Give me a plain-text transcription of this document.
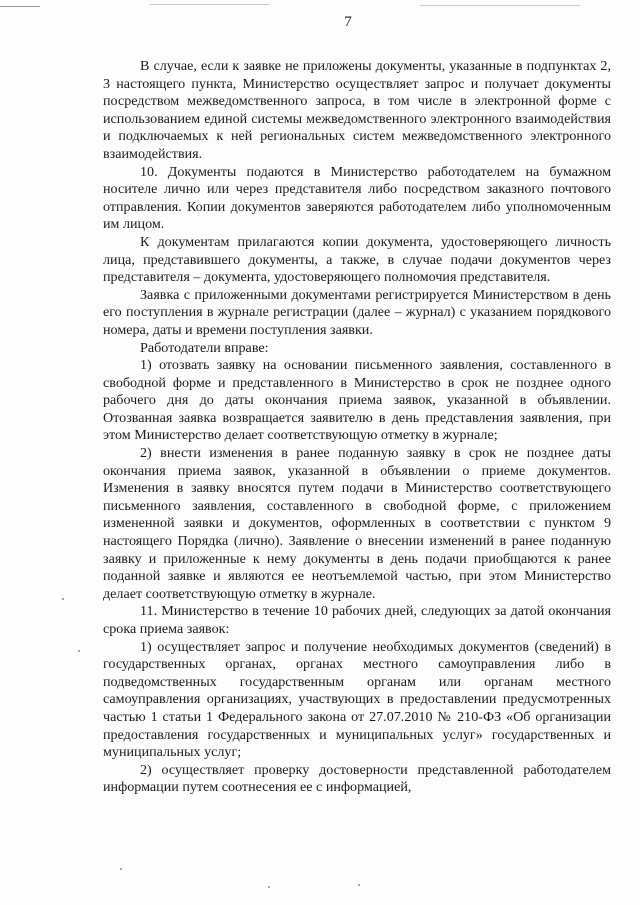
7

В случае, если к заявке не приложены документы, указанные в подпунктах 2, 3 настоящего пункта, Министерство осуществляет запрос и получает документы посредством межведомственного запроса, в том числе в электронной форме с использованием единой системы межведомственного электронного взаимодействия и подключаемых к ней региональных систем межведомственного электронного взаимодействия.

10. Документы подаются в Министерство работодателем на бумажном носителе лично или через представителя либо посредством заказного почтового отправления. Копии документов заверяются работодателем либо уполномоченным им лицом.

К документам прилагаются копии документа, удостоверяющего личность лица, представившего документы, а также, в случае подачи документов через представителя – документа, удостоверяющего полномочия представителя.

Заявка с приложенными документами регистрируется Министерством в день его поступления в журнале регистрации (далее – журнал) с указанием порядкового номера, даты и времени поступления заявки.

Работодатели вправе:

1) отозвать заявку на основании письменного заявления, составленного в свободной форме и представленного в Министерство в срок не позднее одного рабочего дня до даты окончания приема заявок, указанной в объявлении. Отозванная заявка возвращается заявителю в день представления заявления, при этом Министерство делает соответствующую отметку в журнале;

2) внести изменения в ранее поданную заявку в срок не позднее даты окончания приема заявок, указанной в объявлении о приеме документов. Изменения в заявку вносятся путем подачи в Министерство соответствующего письменного заявления, составленного в свободной форме, с приложением измененной заявки и документов, оформленных в соответствии с пунктом 9 настоящего Порядка (лично). Заявление о внесении изменений в ранее поданную заявку и приложенные к нему документы в день подачи приобщаются к ранее поданной заявке и являются ее неотъемлемой частью, при этом Министерство делает соответствующую отметку в журнале.

11. Министерство в течение 10 рабочих дней, следующих за датой окончания срока приема заявок:

1) осуществляет запрос и получение необходимых документов (сведений) в государственных органах, органах местного самоуправления либо в подведомственных государственным органам или органам местного самоуправления организациях, участвующих в предоставлении предусмотренных частью 1 статьи 1 Федерального закона от 27.07.2010 № 210-ФЗ «Об организации предоставления государственных и муниципальных услуг» государственных и муниципальных услуг;

2) осуществляет проверку достоверности представленной работодателем информации путем соотнесения ее с информацией,
